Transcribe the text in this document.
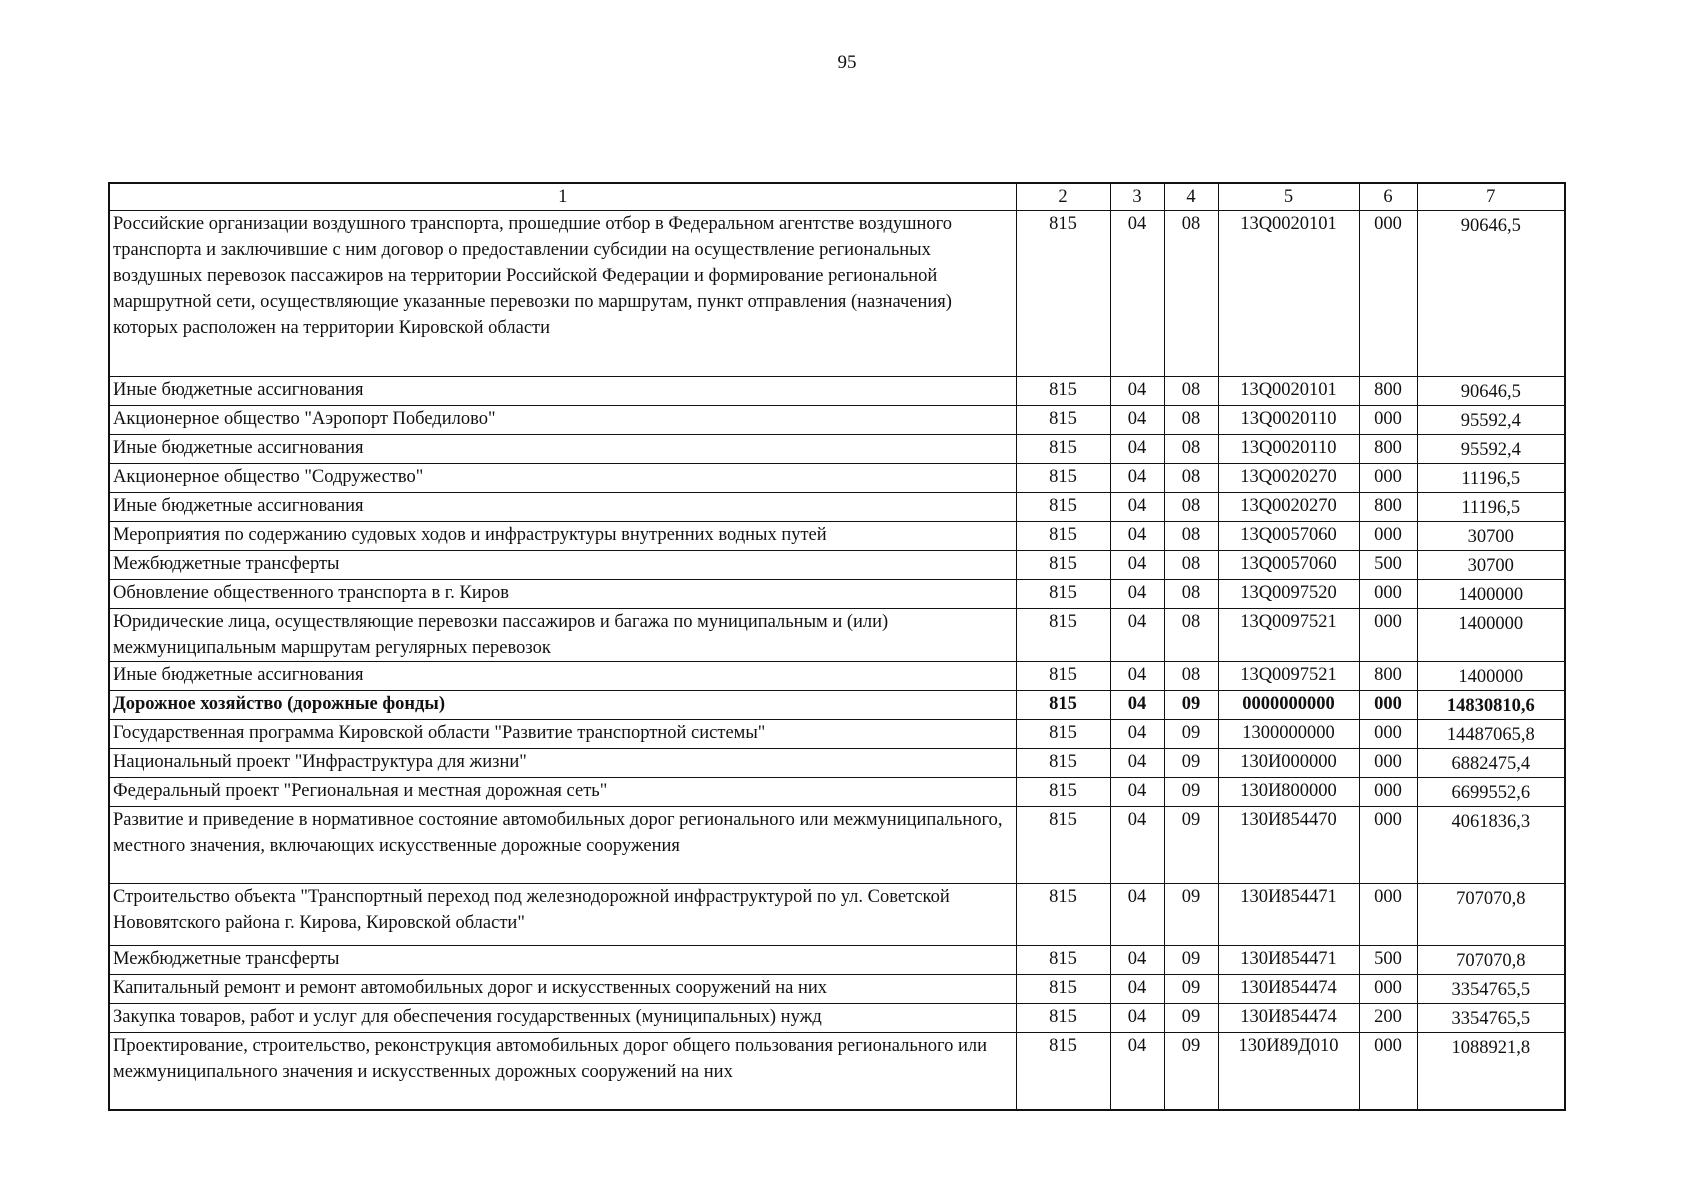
95
1	2	3	4	5	6	7
Российские организации воздушного транспорта, прошедшие отбор в Федеральном агентстве воздушного транспорта и заключившие с ним договор о предоставлении субсидии на осуществление региональных воздушных перевозок пассажиров на территории Российской Федерации и формирование региональной маршрутной сети, осуществляющие указанные перевозки по маршрутам, пункт отправления (назначения) которых расположен на территории Кировской области	815	04	08	13Q0020101	000	90646,5
Иные бюджетные ассигнования	815	04	08	13Q0020101	800	90646,5
Акционерное общество "Аэропорт Победилово"	815	04	08	13Q0020110	000	95592,4
Иные бюджетные ассигнования	815	04	08	13Q0020110	800	95592,4
Акционерное общество "Содружество"	815	04	08	13Q0020270	000	11196,5
Иные бюджетные ассигнования	815	04	08	13Q0020270	800	11196,5
Мероприятия по содержанию судовых ходов и инфраструктуры внутренних водных путей	815	04	08	13Q0057060	000	30700
Межбюджетные трансферты	815	04	08	13Q0057060	500	30700
Обновление общественного транспорта в г. Киров	815	04	08	13Q0097520	000	1400000
Юридические лица, осуществляющие перевозки пассажиров и багажа по муниципальным и (или) межмуниципальным маршрутам регулярных перевозок	815	04	08	13Q0097521	000	1400000
Иные бюджетные ассигнования	815	04	08	13Q0097521	800	1400000
Дорожное хозяйство (дорожные фонды)	815	04	09	0000000000	000	14830810,6
Государственная программа Кировской области "Развитие транспортной системы"	815	04	09	1300000000	000	14487065,8
Национальный проект "Инфраструктура для жизни"	815	04	09	130И000000	000	6882475,4
Федеральный проект "Региональная и местная дорожная сеть"	815	04	09	130И800000	000	6699552,6
Развитие и приведение в нормативное состояние автомобильных дорог регионального или межмуниципального, местного значения, включающих искусственные дорожные сооружения	815	04	09	130И854470	000	4061836,3
Строительство объекта "Транспортный переход под железнодорожной инфраструктурой по ул. Советской Нововятского района г. Кирова, Кировской области"	815	04	09	130И854471	000	707070,8
Межбюджетные трансферты	815	04	09	130И854471	500	707070,8
Капитальный ремонт и ремонт автомобильных дорог и искусственных сооружений на них	815	04	09	130И854474	000	3354765,5
Закупка товаров, работ и услуг для обеспечения государственных (муниципальных) нужд	815	04	09	130И854474	200	3354765,5
Проектирование, строительство, реконструкция автомобильных дорог общего пользования регионального или межмуниципального значения и искусственных дорожных сооружений на них	815	04	09	130И89Д010	000	1088921,8
